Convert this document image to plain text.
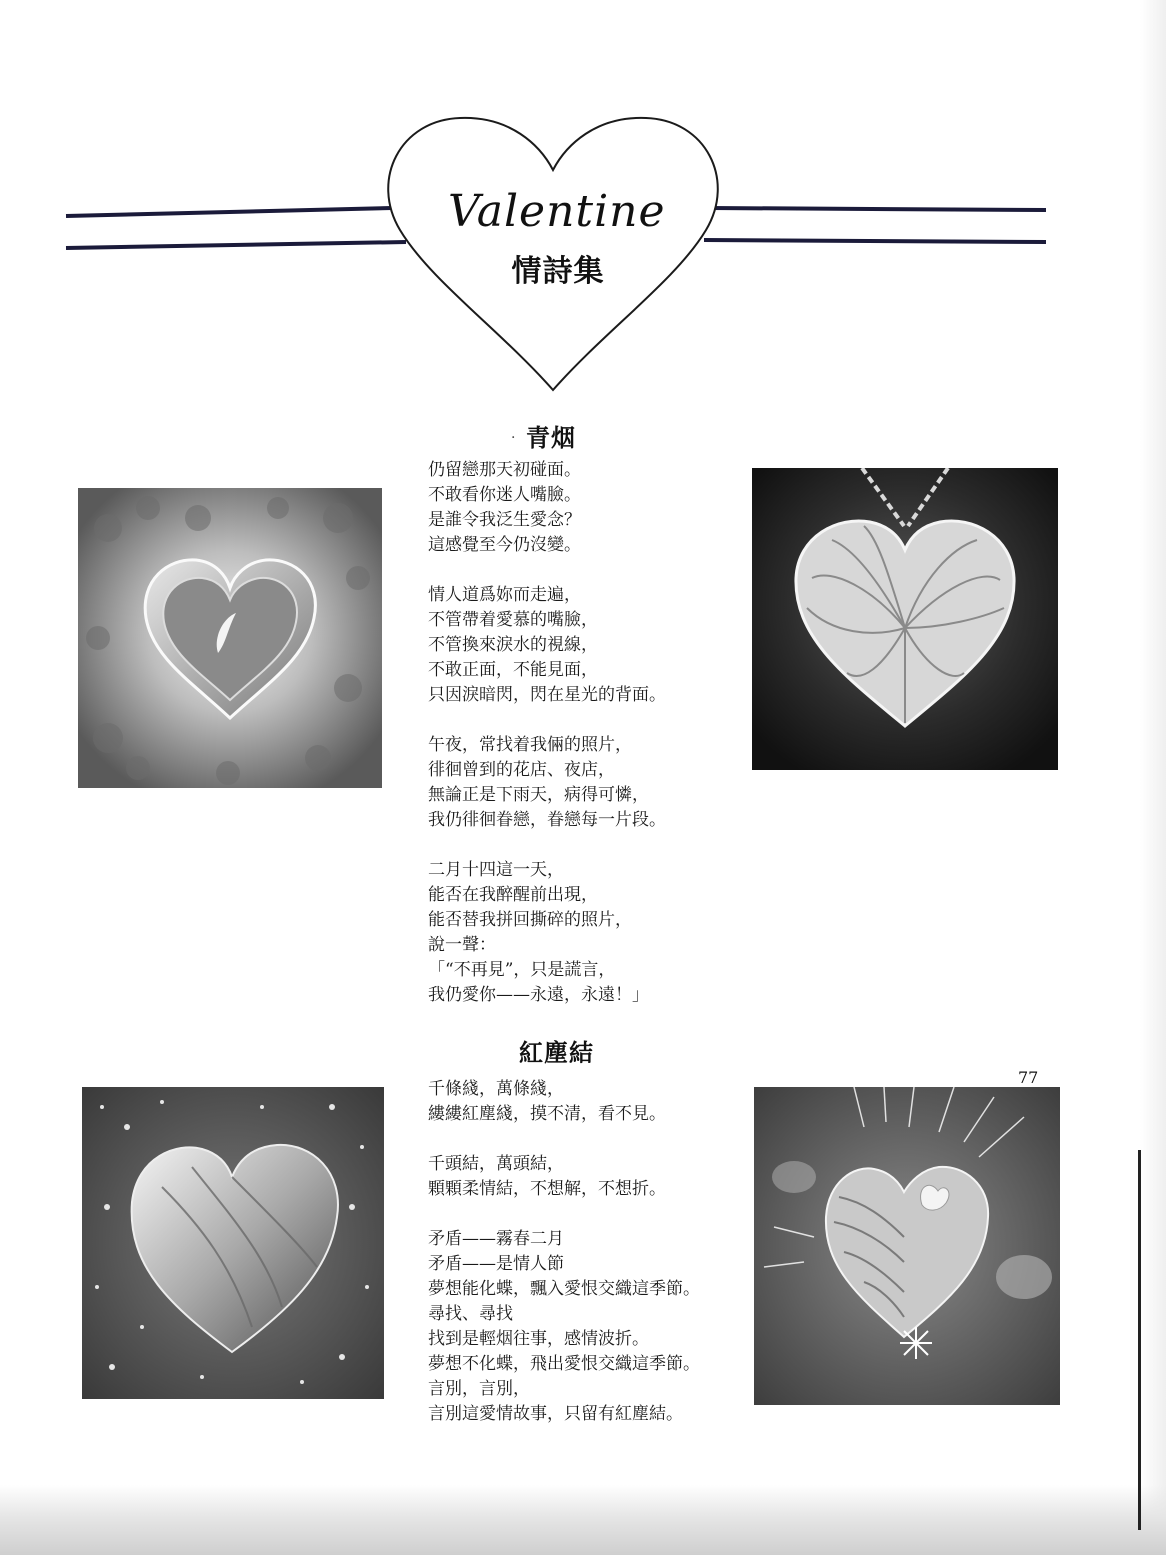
Valentine
情詩集
· 青烟
仍留戀那天初碰面。
不敢看你迷人嘴臉。
是誰令我泛生愛念？
這感覺至今仍沒變。
情人道爲妳而走遍，
不管帶着愛慕的嘴臉，
不管換來淚水的視線，
不敢正面，不能見面，
只因淚暗閃，閃在星光的背面。
午夜，常找着我倆的照片，
徘徊曾到的花店、夜店，
無論正是下雨天，病得可憐，
我仍徘徊眷戀，眷戀每一片段。
二月十四這一天，
能否在我醉醒前出現，
能否替我拼回撕碎的照片，
說一聲：
「“不再見”，只是謊言，
我仍愛你——永遠，永遠！」
紅塵結
千條綫，萬條綫，
縷縷紅塵綫，摸不清，看不見。
千頭結，萬頭結，
顆顆柔情結，不想解，不想折。
矛盾——霧春二月
矛盾——是情人節
夢想能化蝶，飄入愛恨交織這季節。
尋找、尋找
找到是輕烟往事，感情波折。
夢想不化蝶，飛出愛恨交織這季節。
言別，言別，
言別這愛情故事，只留有紅塵結。
77
